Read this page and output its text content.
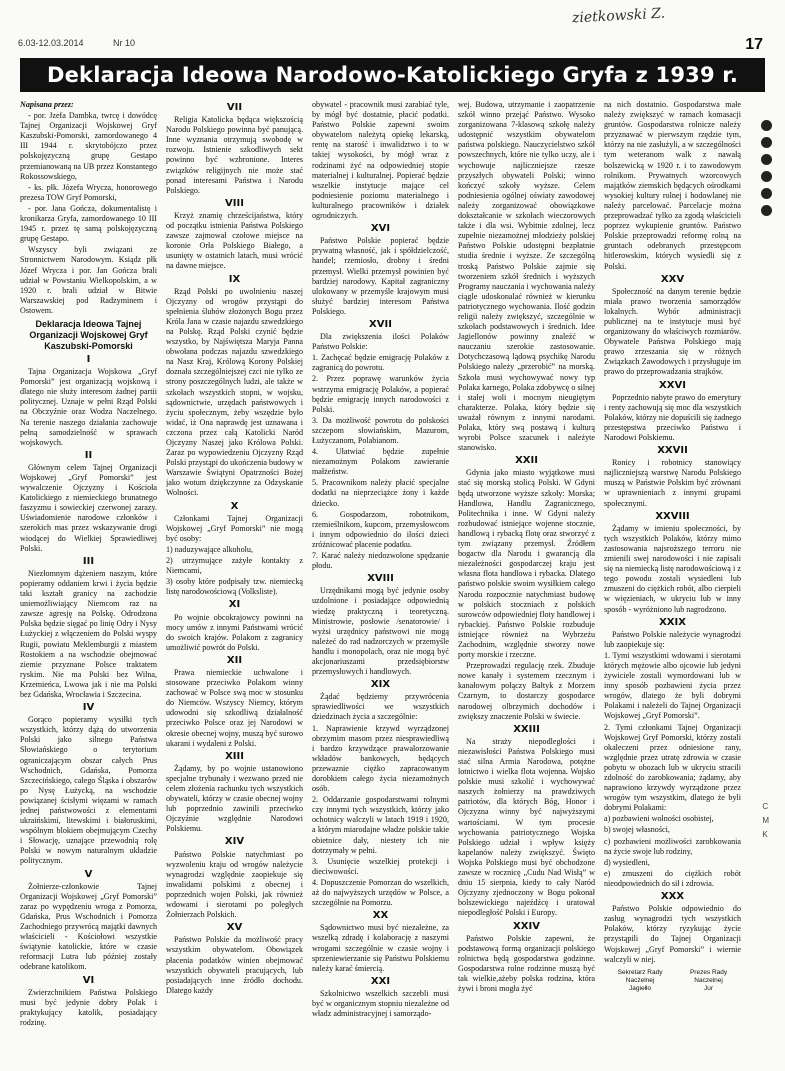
zietkowski Z.
6.03-12.03.2014	Nr 10	17
Deklaracja Ideowa Narodowo-Katolickiego Gryfa z 1939 r.

Napisana przez:

- por. Jzefa Dambka, twrcę i dowódcę Tajnej Organizacji Wojskowej Gryf Kaszubski-Pomorski, zamordowanego 4 III 1944 r. skrytobójczo przez polskojęzyczną grupę Gestapo przemianowaną na UB przez Konstantego Rokossowskiego,

- ks. płk. Józefa Wrycza, honorowego prezesa TOW Gryf Pomorski,

- por. Jana Gończa, dokumentalistę i kronikarza Gryfa, zamordowanego 10 III 1945 r. przez tę samą polskojęzyczną grupę Gestapo.

Wszyscy byli związani ze Stronnictwem Narodowym. Ksiądz płk Józef Wrycza i por. Jan Gończa brali udział w Powstaniu Wielkopolskim, a w 1920 r. brali udział w Bitwie Warszawskiej pod Radzyminem i Ostowem.

Deklaracja Ideowa Tajnej Organizacji Wojskowej Gryf Kaszubski-Pomorski
I

Tajna Organizacja Wojskowa „Gryf Pomorski” jest organizacją wojskową i dlatego nie służy interesom żadnej partii politycznej. Uznaje w pełni Rząd Polski na Obczyźnie oraz Wodza Naczelnego. Na terenie naszego działania zachowuje pełną samodzielność w sprawach wojskowych.

II

Głównym celem Tajnej Organizacji Wojskowej „Gryf Pomorski” jest wywalczenie Ojczyzny i Kościoła Katolickiego z niemieckiego brunatnego faszyzmu i sowieckiej czerwonej zarazy. Uświadomienie narodowe członków i szerokich mas przez wskazywanie drogi wiodącej do Wielkiej Sprawiedliwej Polski.

III

Niezłomnym dążeniem naszym, które popieramy oddaniem krwi i życia będzie taki kształt granicy na zachodzie uniemożliwiający Niemcom raz na zawsze agresję na Polskę. Odrodzona Polska będzie sięgać po linię Odry i Nysy Łużyckiej z włączeniem do Polski wyspy Rugii, powiatu Meklemburgii z miastem Rostokiem a na wschodzie obejmować ziemie przyznane Polsce traktatem ryskim. Nie ma Polski bez Wilna, Krzemieńca, Lwowa jak i nie ma Polski bez Gdańska, Wrocławia i Szczecina.

IV

Gorąco popieramy wysiłki tych wszystkich, którzy dążą do utworzenia Polski jako silnego Państwa Słowiańskiego o terytorium ograniczającym obszar całych Prus Wschodnich, Gdańska, Pomorza Szczecińskiego, całego Śląska i obszarów po Nysę Łużycką, na wschodzie powiązanej ścisłymi więzami w ramach jednej państwowości z elementami ukraińskimi, litewskimi i białoruskimi, wspólnym blokiem obejmującym Czechy i Słowację, uznające przewodnią rolę Polski w nowym naturalnym układzie politycznym.

V

Żołnierze-członkowie Tajnej Organizacji Wojskowej „Gryf Pomorski” zaraz po wypędzeniu wroga z Pomorza, Gdańska, Prus Wschodnich i Pomorza Zachodniego przywrócą majątki dawnych właścicieli - Kościołowi wszystkie świątynie katolickie, które w czasie reformacji Lutra lub później zostały odebrane katolikom.

VI

Zwierzchnikiem Państwa Polskiego musi być jedynie dobry Polak i praktykujący katolik, posiadający rodzinę.

VII

Religia Katolicka będąca większością Narodu Polskiego powinna być panującą. Inne wyznania otrzymują swobodę w rozwoju. Istnienie szkodliwych sekt powinno być wzbronione. Interes związków religijnych nie może stać ponad interesami Państwa i Narodu Polskiego.

VIII

Krzyż znamię chrześcijaństwa, który od początku istnienia Państwa Polskiego zawsze zajmował czołowe miejsce na koronie Orła Polskiego Białego, a usunięty w ostatnich latach, musi wrócić na dawne miejsce.

IX

Rząd Polski po uwolnieniu naszej Ojczyzny od wrogów przystąpi do spełnienia ślubów złożonych Bogu przez Króla Jana w czasie najazdu szwedzkiego na Polskę. Rząd Polski czynić będzie wszystko, by Najświętsza Maryja Panna obwołana podczas najazdu szwedzkiego na Nasz Kraj, Królową Korony Polskiej doznała szczególniejszej czci nie tylko ze strony poszczególnych ludzi, ale także w szkołach wszystkich stopni, w wojsku, sądownictwie, urzędach państwowych i życiu społecznym, żeby wszędzie było widać, iż Ona naprawdę jest uznawana i czczona przez całą Katolicki Naród Ojczyzny Naszej jako Królowa Polski. Zaraz po wypowiedzeniu Ojczyzny Rząd Polski przystąpi do ukończenia budowy w Warszawie Świątyni Opatrzności Bożej jako wotum dziękczynne za Odzyskanie Wolności.

X

Członkami Tajnej Organizacji Wojskowej „Gryf Pomorski” nie mogą być osoby:

1) naduzywające alkoholu,

2) utrzymujące zażyłe kontakty z Niemcami,

3) osoby które podpisały tzw. niemiecką listę narodowościową (Volksliste).

XI

Po wojnie obcokrajowcy powinni na mocy umów z innymi Państwami wrócić do swoich krajów. Polakom z zagranicy umożliwić powrót do Polski.

XII

Prawa niemieckie uchwalone i stosowane przeciwko Polakom winny zachować w Polsce swą moc w stosunku do Niemców. Wszyscy Niemcy, którym udowodni się szkodliwą działalność przeciwko Polsce oraz jej Narodowi w okresie obecnej wojny, muszą być surowo ukarani i wydaleni z Polski.

XIII

Żądamy, by po wojnie ustanowiono specjalne trybunały i wezwano przed nie celem złożenia rachunku tych wszystkich obywateli, którzy w czasie obecnej wojny lub poprzednio zawinili przeciwko Ojczyźnie względnie Narodowi Polskiemu.

XIV

Państwo Polskie natychmiast po wyzwoleniu kraju od wrogów należycie wynagrodzi względnie zaopiekuje się inwalidami polskimi z obecnej i poprzednich wojen Polski, jak również wdowami i sierotami po poległych Żołnierzach Polskich.

XV

Państwo Polskie da możliwość pracy wszystkim obywatelom. Obowiązek płacenia podatków winien obejmować wszystkich obywateli pracujących, lub posiadających inne źródło dochodu. Dlatego każdy

obywatel - pracownik musi zarabiać tyle, by mógł być dostatnie, płacić podatki. Państwo Polskie zapewni swoim obywatelom należytą opiekę lekarską, rentę na starość i inwalidztwo i to w takiej wysokości, by mógł wraz z rodzinami żyć na odpowiedniej stopie materialnej i kulturalnej. Popierać będzie wszelkie instytucje mające cel podniesienie poziomu materialnego i kulturalnego pracowników i działek ogrodniczych.

XVI

Państwo Polskie popierać będzie prywatną własność, jak i spółdzielczość, handel; rzemiosło, drobny i średni przemysł. Wielki przemysł powinien być bardziej narodowy. Kapitał zagraniczny ulokowany w przemyśle krajowym musi służyć bardziej interesom Państwa Polskiego.

XVII

Dla zwiększenia ilości Polaków Państwo Polskie:

1. Zachęcać będzie emigrację Polaków z zagranicą do powrotu.

2. Przez poprawę warunków życia wstrzyma emigrację Polaków, a popierać będzie emigrację innych narodowości z Polski.

3. Da możliwość powrotu do polskości szczepom słowiańskim, Mazurom, Łużyczanom, Polabianom.

4. Ułatwiać będzie zupełnie niezamożnym Polakom zawieranie małżeństw.

5. Pracownikom należy płacić specjalne dodatki na nieprzeciążce żony i każde dziecko.

6. Gospodarzom, robotnikom, rzemieślnikom, kupcom, przemysłowcom i innym odpowiednio do ilości dzieci zróżnicować płacenie podatku.

7. Karać należy niedozwolone spędzanie płodu.

XVIII

Urzędnikami mogą być jedynie osoby uzdolnione i posiadające odpowiednią wiedzę praktyczną i teoretyczną. Ministrowie, posłowie /senatorowie/ i wyżsi urzędnicy państwowi nie mogą należeć do rad nadzorczych w przemyśle handlu i monopolach, oraz nie mogą być akcjonariuszami przedsiębiorstw przemysłowych i handlowych.

XIX

Żądać będziemy przywrócenia sprawiedliwości we wszystkich dziedzinach życia a szczególnie:

1. Naprawienie krzywd wyrządzonej obrzymim masom przez niesprawiedliwą i bardzo krzywdzące prawalorzowanie wkładów bankowych, będących przewaznie ciężko zapracowanym dorobkiem całego życia niezamożnych osób.

2. Oddarzanie gospodarstwami rolnymi czy innymi tych wszystkich, którzy jako ochotnicy walczyli w latach 1919 i 1920, a którym miarodajne władze polskie takie obietnice dały, niestety ich nie dotrzymały w pełni.

3. Usunięcie wszelkiej protekcji i dieciwowości.

4. Dopuszczenie Pomorzan do wszelkich, aż do najwyższych urzędów w Polsce, a szczególnie na Pomorzu.

XX

Sądownictwo musi być niezależne, za wszelką zdradę i kolaborację z naszymi wrogami szczególnie w czasie wojny i sprzeniewierzanie się Państwu Polskiemu należy karać śmiercią.

XXI

Szkolnictwo wszelkich szczebli musi być w organicznym stopniu niezależne od władz administracyjnej i samorządo-

wej. Budowa, utrzymanie i zaopatrzenie szkół winno przejąć Państwo. Wysoko zorganizowana 7-klasową szkołę należy udostępnić wszystkim obywatelom państwa polskiego. Nauczycielstwo szkół powszechnych, które nie tylko uczy, ale i wychowuje najliczniejsze rzesze przyszłych obywateli Polski; winno kończyć szkoły wyższe. Celem podniesienia ogólnej oświaty zawodowej należy zorganizować obowiązkowe dokształcanie w szkołach wieczorowych także i dla wsi. Wybitnie zdolnej, lecz zupełnie niezamożnej młodzieży polskiej Państwo Polskie udostępni bezpłatnie studia średnie i wyższe. Ze szczególną troską Państwo Polskie zajmie się tworzeniem szkół średnich i wyższych Programy nauczania i wychowania należy ciągle udoskonalać również w kierunku patriotycznego wychowania. Ilość godzin religii należy zwiększyć, szczególnie w szkołach podstawowych i średnich. Idee Jagiellonów powinny znaleźć w nauczaniu szerokie zastosowanie. Dotychczasową lądową psychikę Narodu Polskiego należy „przerobić” na morską. Szkoła musi wychowywać nowy typ Polaka karnego, Polaka zdobywcę o silnej i stałej woli i mocnym nieugiętym charakterze. Polaka, który będzie się uważał równym z innymi narodami. Polaka, który swą postawą i kulturą wyrobi Polsce szacunek i należyte stanowisko.

XXII

Gdynia jako miasto wyjątkowe musi stać się morską stolicą Polski. W Gdyni będą utworzone wyższe szkoły: Morska; Handlowa, Handlu Zagranicznego, Politechnika i inne. W Gdyni należy rozbudować istniejące wojenne stocznie, handlową i rybacką flotę oraz stworzyć z tym związany przemysł. Źródłem bogactw dla Narodu i gwarancją dla niezależności gospodarczej kraju jest własna flota handlowa i rybacka. Dlatego państwo polskie swoim wysiłkiem całego Narodu rozpocznie natychmiast budowę w polskich stoczniach z polskich surowców odpowiedniej floty handlowej i rybackiej. Państwo Polskie rozbuduje istniejące również na Wybrzeżu Zachodnim, względnie stworzy nowe porty morskie i rzeczne.

Przeprowadzi regulację rzek. Zbuduje nowe kanały i systemem rzecznym i kanałowym połączy Bałtyk z Morzem Czarnym, to dostarczy gospodarce narodowej olbrzymich dochodów i zwiększy znaczenie Polski w świecie.

XXIII

Na straży niepodległości i niezawisłości Państwa Polskiego musi stać silna Armia Narodowa, potężne lotnictwo i wielka flota wojenna. Wojsko polskie musi szkolić i wychowywać naszych żołnierzy na prawdziwych patriotów, dla których Bóg, Honor i Ojczyzna winny być najwyższymi wartościami. W tym procesie wychowania patriotycznego Wojska Polskiego udział i wpływ księży kapelanów należy zwiększyć. Święto Wojska Polskiego musi być obchodzone zawsze w rocznicę „Cudu Nad Wisłą” w dniu 15 sierpnia, kiedy to cały Naród Ojczyzny zjednoczony w Bogu pokonał bolszewickiego najeźdźcę i uratował niepodległość Polski i Europy.

XXIV

Państwo Polskie zapewni, że podstawową formą organizacji polskiego rolnictwa będą gospodarstwa godzinne. Gospodarstwa rolne rodzinne muszą być tak wielkie,ażeby polska rodzina, która żywi i broni mogła żyć

na nich dostatnio. Gospodarstwa małe należy zwiększyć w ramach komasacji gruntów. Gospodarstwa rolnicze należy przyznawać w pierwszym rzędzie tym, którzy na nie zasłużyli, a w szczególności tym weteranom walk z nawałą bolszewicką w 1920 r. i to zawodowym rolnikom. Prywatnych wzorcowych majątków ziemskich będących ośrodkami wysokiej kultury rolnej i hodowlanej nie należy parcelować. Parcelacje można przeprowadzać tylko za zgodą właścicieli poprzez wykupienie gruntów. Państwo Polskie przeprowadzi reformę rolną na gruntach odebranych przestępcom hitlerowskim, których wysiedli się z Polski.

XXV

Społeczność na danym terenie będzie miała prawo tworzenia samorządów lokalnych. Wybór administracji publicznej na te instytucje musi być organizowany do właściwych rozmiarów. Obywatele Państwa Polskiego mają prawo zrzeszania się w różnych Związkach Zawodowych i przysługuje im prawo do przeprowadzania strajków.

XXVI

Poprzednio nabyte prawo do emerytury i renty zachowują się moc dla wszystkich Polaków, którzy nie dopuścili się żadnego przestępstwa przeciwko Państwu i Narodowi Polskiemu.

XXVII

Ronicy i robotnicy stanowiący najliczniejszą warstwę Narodu Polskiego muszą w Państwie Polskim być zrównani w uprawnieniach z innymi grupami społecznymi.

XXVIII

Żądamy w imieniu społeczności, by tych wszystkich Polaków, którzy mimo zastosowania najsroższego terroru nie zmienili swej narodowości i nie zapisali się na niemiecką listę narodowościową i z tego powodu zostali wysiedleni lub zmuszeni do ciężkich robót, albo cierpieli w więzieniach, w ukryciu lub w inny sposób - wyróżniono lub nagrodzono.

XXIX

Państwo Polskie należycie wynagrodzi lub zaopiekuje się:

1. Tymi wszystkimi wdowami i sierotami których mężowie albo ojcowie lub jedyni żywiciele zostali wymordowani lub w inny sposób pozbawieni życia przez wrogów, dlatego że byli dobrymi Polakami i należeli do Tajnej Organizacji Wojskowej „Gryf Pomorski”.

2. Tymi członkami Tajnej Organizacji Wojskowej Gryf Pomorski, którzy zostali okaleczeni przez odniesione rany, względnie przez utratę zdrowia w czasie pobytu w obozach lub w ukryciu stracili zdolność do zarobkowania; żądamy, aby naprawiono krzywdy wyrządzone przez wrogów tym wszystkim, dlatego że byli dobrymi Polakami:

a) pozbawieni wolności osobistej,

b) swojej własności,

c) pozbawieni możliwości zarobkowania na życie swoje lub rodziny,

d) wysiedleni,

e) zmuszeni do ciężkich robót nieodpowiednich do sił i zdrowia.

XXX

Państwo Polskie odpowiednio do zasług wynagrodzi tych wszystkich Polaków, którzy ryzykując życie przystąpili do Tajnej Organizacji Wojskowej „Gryf Pomorski” i wiernie walczyli w niej.

Sekretarz Rady Naczelnej
Jagiełło
Prezes Rady Naczelnej
Jur
C
M
K
